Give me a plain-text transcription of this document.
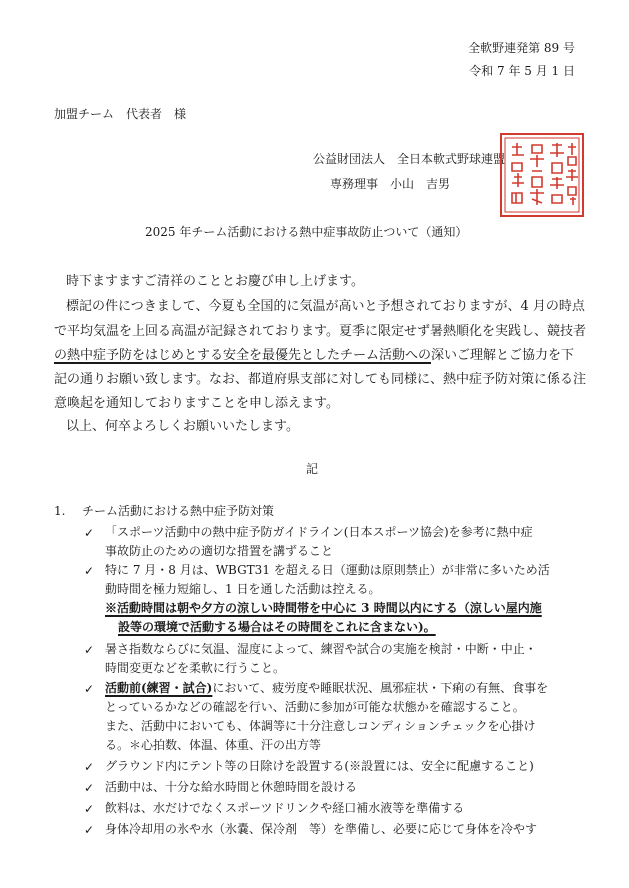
全軟野連発第 89 号
令和 7 年 5 月 1 日
加盟チーム　代表者　様
公益財団法人　全日本軟式野球連盟
専務理事　小山　吉男
2025 年チーム活動における熱中症事故防止ついて（通知）
時下ますますご清祥のこととお慶び申し上げます。
標記の件につきまして、今夏も全国的に気温が高いと予想されておりますが、4 月の時点
で平均気温を上回る高温が記録されております。夏季に限定せず暑熱順化を実践し、競技者
の熱中症予防をはじめとする安全を最優先としたチーム活動への深いご理解とご協力を下
記の通りお願い致します。なお、都道府県支部に対しても同様に、熱中症予防対策に係る注
意喚起を通知しておりますことを申し添えます。
以上、何卒よろしくお願いいたします。
記
1. チーム活動における熱中症予防対策
✓ 「スポーツ活動中の熱中症予防ガイドライン(日本スポーツ協会)を参考に熱中症
事故防止のための適切な措置を講ずること
✓ 特に 7 月・8 月は、WBGT31 を超える日（運動は原則禁止）が非常に多いため活
動時間を極力短縮し、1 日を通した活動は控える。
※活動時間は朝や夕方の涼しい時間帯を中心に 3 時間以内にする（涼しい屋内施
設等の環境で活動する場合はその時間をこれに含まない)。
✓ 暑さ指数ならびに気温、湿度によって、練習や試合の実施を検討・中断・中止・
時間変更などを柔軟に行うこと。
✓ 活動前(練習・試合)において、疲労度や睡眠状況、風邪症状・下痢の有無、食事を
とっているかなどの確認を行い、活動に参加が可能な状態かを確認すること。
また、活動中においても、体調等に十分注意しコンディションチェックを心掛け
る。＊心拍数、体温、体重、汗の出方等
✓ グラウンド内にテント等の日除けを設置する(※設置には、安全に配慮すること)
✓ 活動中は、十分な給水時間と休憩時間を設ける
✓ 飲料は、水だけでなくスポーツドリンクや経口補水液等を準備する
✓ 身体冷却用の氷や水（氷嚢、保冷剤　等）を準備し、必要に応じて身体を冷やす
